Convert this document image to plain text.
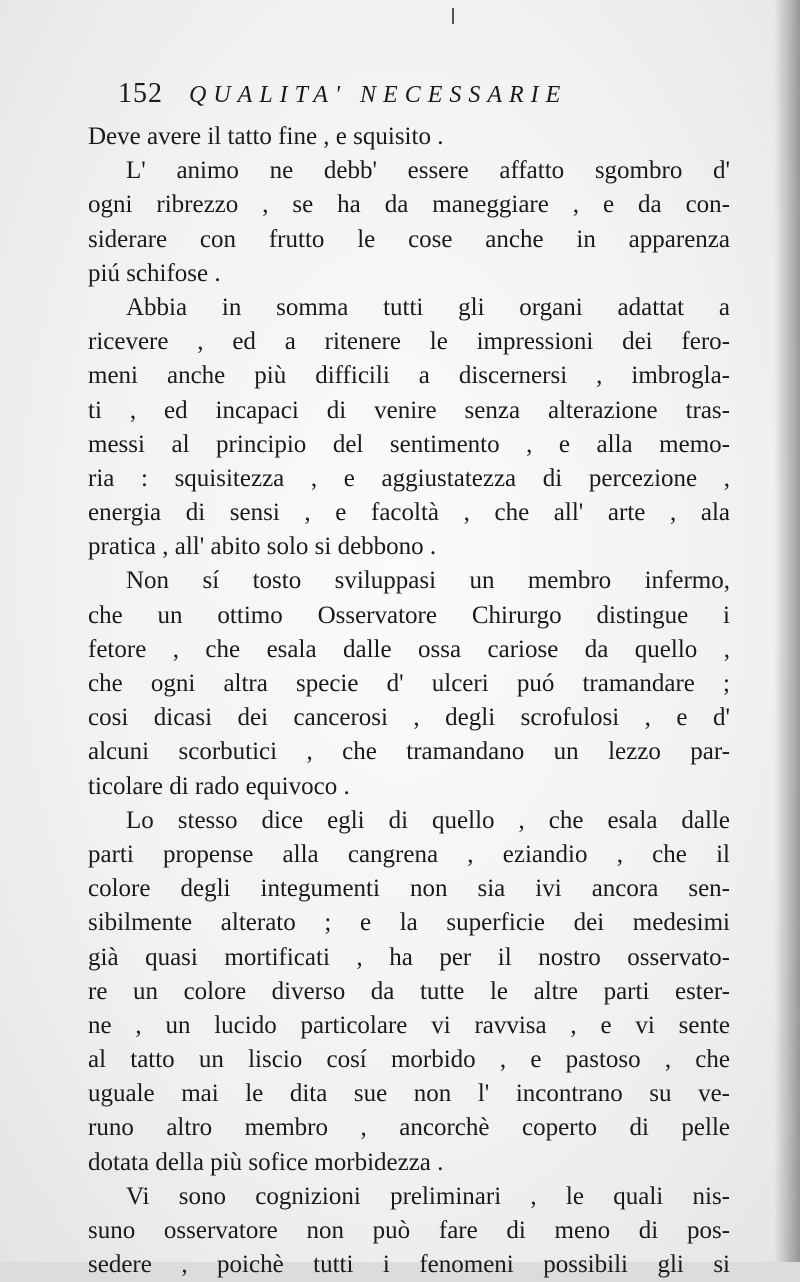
152 QUALITA' NECESSARIE
Deve avere il tatto fine , e squisito .
L' animo ne debb' essere affatto sgombro d'
ogni ribrezzo , se ha da maneggiare , e da con-
siderare con frutto le cose anche in apparenza
piú schifose .
Abbia in somma tutti gli organi adattat a
ricevere , ed a ritenere le impressioni dei fero-
meni anche più difficili a discernersi , imbrogla-
ti , ed incapaci di venire senza alterazione tras-
messi al principio del sentimento , e alla memo-
ria : squisitezza , e aggiustatezza di percezione ,
energia di sensi , e facoltà , che all' arte , ala
pratica , all' abito solo si debbono .
Non sí tosto sviluppasi un membro infermo,
che un ottimo Osservatore Chirurgo distingue i
fetore , che esala dalle ossa cariose da quello ,
che ogni altra specie d' ulceri puó tramandare ;
cosi dicasi dei cancerosi , degli scrofulosi , e d'
alcuni scorbutici , che tramandano un lezzo par-
ticolare di rado equivoco .
Lo stesso dice egli di quello , che esala dalle
parti propense alla cangrena , eziandio , che il
colore degli integumenti non sia ivi ancora sen-
sibilmente alterato ; e la superficie dei medesimi
già quasi mortificati , ha per il nostro osservato-
re un colore diverso da tutte le altre parti ester-
ne , un lucido particolare vi ravvisa , e vi sente
al tatto un liscio cosí morbido , e pastoso , che
uguale mai le dita sue non l' incontrano su ve-
runo altro membro , ancorchè coperto di pelle
dotata della più sofice morbidezza .
Vi sono cognizioni preliminari , le quali nis-
suno osservatore non può fare di meno di pos-
sedere , poichè tutti i fenomeni possibili gli si
